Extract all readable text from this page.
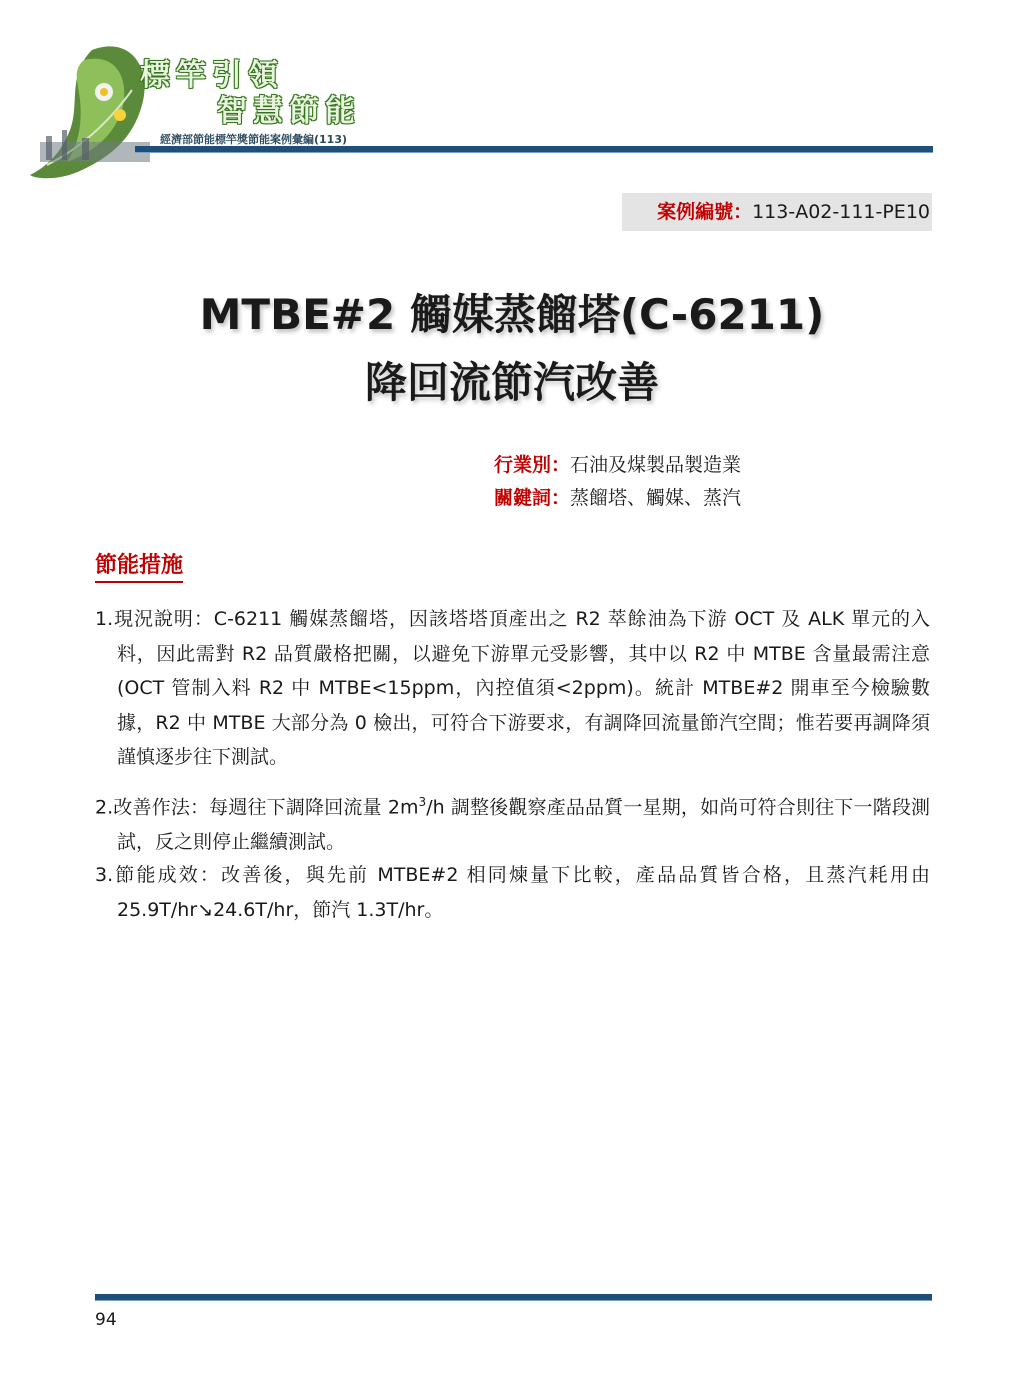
標竿引領
智慧節能
經濟部節能標竿獎節能案例彙編(113)
案例編號：113-A02-111-PE10
MTBE#2 觸媒蒸餾塔(C-6211)
降回流節汽改善
行業別：石油及煤製品製造業
關鍵詞：蒸餾塔、觸媒、蒸汽
節能措施
1.現況說明：C-6211 觸媒蒸餾塔，因該塔塔頂產出之 R2 萃餘油為下游 OCT 及 ALK 單元的入料，因此需對 R2 品質嚴格把關，以避免下游單元受影響，其中以 R2 中 MTBE 含量最需注意(OCT 管制入料 R2 中 MTBE<15ppm，內控值須<2ppm)。統計 MTBE#2 開車至今檢驗數據，R2 中 MTBE 大部分為 0 檢出，可符合下游要求，有調降回流量節汽空間；惟若要再調降須謹慎逐步往下測試。
2.改善作法：每週往下調降回流量 $2m^3/h$ 調整後觀察產品品質一星期，如尚可符合則往下一階段測試，反之則停止繼續測試。
3.節能成效：改善後，與先前 MTBE#2 相同煉量下比較，產品品質皆合格，且蒸汽耗用由 25.9T/hr↘24.6T/hr，節汽 1.3T/hr。
94
